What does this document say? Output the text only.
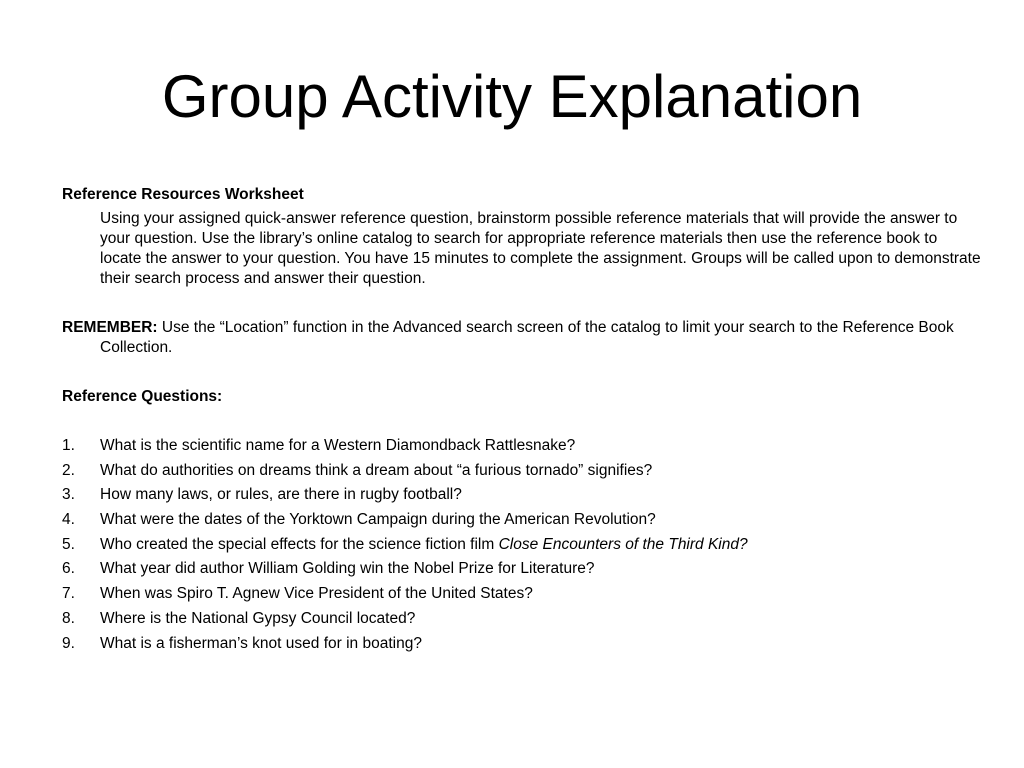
Group Activity Explanation
Reference Resources Worksheet
Using your assigned quick-answer reference question, brainstorm possible reference materials that will provide the answer to your question. Use the library’s online catalog to search for appropriate reference materials then use the reference book to locate the answer to your question. You have 15 minutes to complete the assignment. Groups will be called upon to demonstrate their search process and answer their question.
REMEMBER: Use the “Location” function in the Advanced search screen of the catalog to limit your search to the Reference Book Collection.
Reference Questions:
1.	What is the scientific name for a Western Diamondback Rattlesnake?
2.	What do authorities on dreams think a dream about “a furious tornado” signifies?
3.	How many laws, or rules, are there in rugby football?
4.	What were the dates of the Yorktown Campaign during the American Revolution?
5.	Who created the special effects for the science fiction film Close Encounters of the Third Kind?
6.	What year did author William Golding win the Nobel Prize for Literature?
7.	When was Spiro T. Agnew Vice President of the United States?
8.	Where is the National Gypsy Council located?
9.	What is a fisherman’s knot used for in boating?
